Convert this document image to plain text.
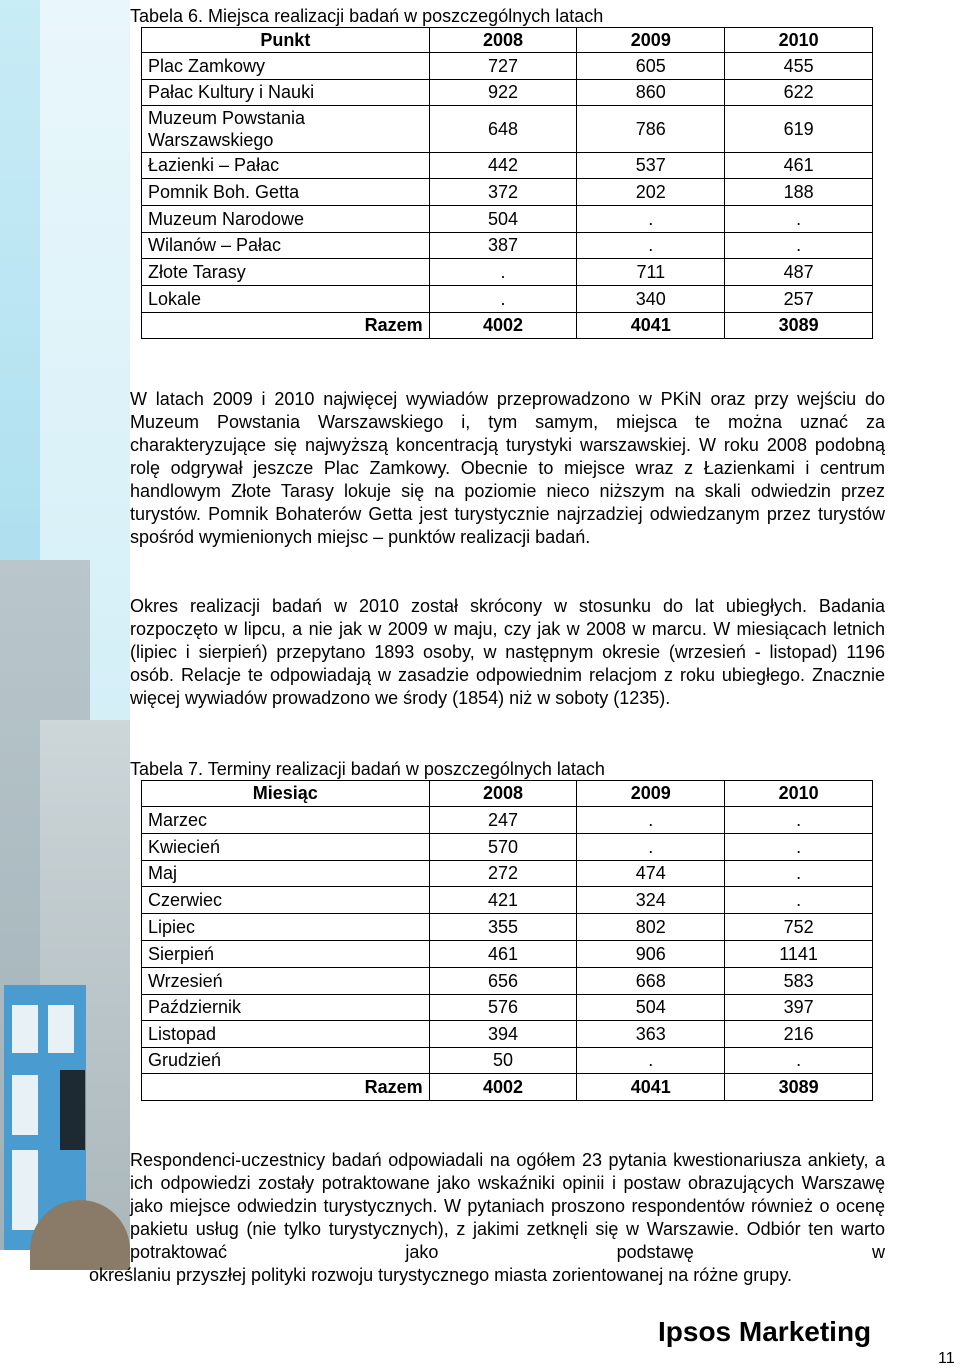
Tabela 6. Miejsca realizacji badań w poszczególnych latach
Punkt	2008	2009	2010
Plac Zamkowy	727	605	455
Pałac Kultury i Nauki	922	860	622
Muzeum Powstania Warszawskiego	648	786	619
Łazienki – Pałac	442	537	461
Pomnik Boh. Getta	372	202	188
Muzeum Narodowe	504	.	.
Wilanów – Pałac	387	.	.
Złote Tarasy	.	711	487
Lokale	.	340	257
Razem	4002	4041	3089
W latach 2009 i 2010 najwięcej wywiadów przeprowadzono w PKiN oraz przy wejściu do Muzeum Powstania Warszawskiego i, tym samym, miejsca te można uznać za charakteryzujące się najwyższą koncentracją turystyki warszawskiej. W roku 2008 podobną rolę odgrywał jeszcze Plac Zamkowy. Obecnie to miejsce wraz z Łazienkami i centrum handlowym Złote Tarasy lokuje się na poziomie nieco niższym na skali odwiedzin przez turystów. Pomnik Bohaterów Getta jest turystycznie najrzadziej odwiedzanym przez turystów spośród wymienionych miejsc – punktów realizacji badań.
Okres realizacji badań w 2010 został skrócony w stosunku do lat ubiegłych. Badania rozpoczęto w lipcu, a nie jak w 2009 w maju, czy jak w 2008 w marcu. W miesiącach letnich (lipiec i sierpień) przepytano 1893 osoby, w następnym okresie (wrzesień - listopad) 1196 osób. Relacje te odpowiadają w zasadzie odpowiednim relacjom z roku ubiegłego. Znacznie więcej wywiadów prowadzono we środy (1854) niż w soboty (1235).
Tabela 7. Terminy realizacji badań w poszczególnych latach
Miesiąc	2008	2009	2010
Marzec	247	.	.
Kwiecień	570	.	.
Maj	272	474	.
Czerwiec	421	324	.
Lipiec	355	802	752
Sierpień	461	906	1141
Wrzesień	656	668	583
Październik	576	504	397
Listopad	394	363	216
Grudzień	50	.	.
Razem	4002	4041	3089
Respondenci-uczestnicy badań odpowiadali na ogółem 23 pytania kwestionariusza ankiety, a ich odpowiedzi zostały potraktowane jako wskaźniki opinii i postaw obrazujących Warszawę jako miejsce odwiedzin turystycznych. W pytaniach proszono respondentów również o ocenę pakietu usług (nie tylko turystycznych), z jakimi zetknęli się w Warszawie. Odbiór ten warto potraktować jako podstawę w
określaniu przyszłej polityki rozwoju turystycznego miasta zorientowanej na różne grupy.
Ipsos Marketing
11
